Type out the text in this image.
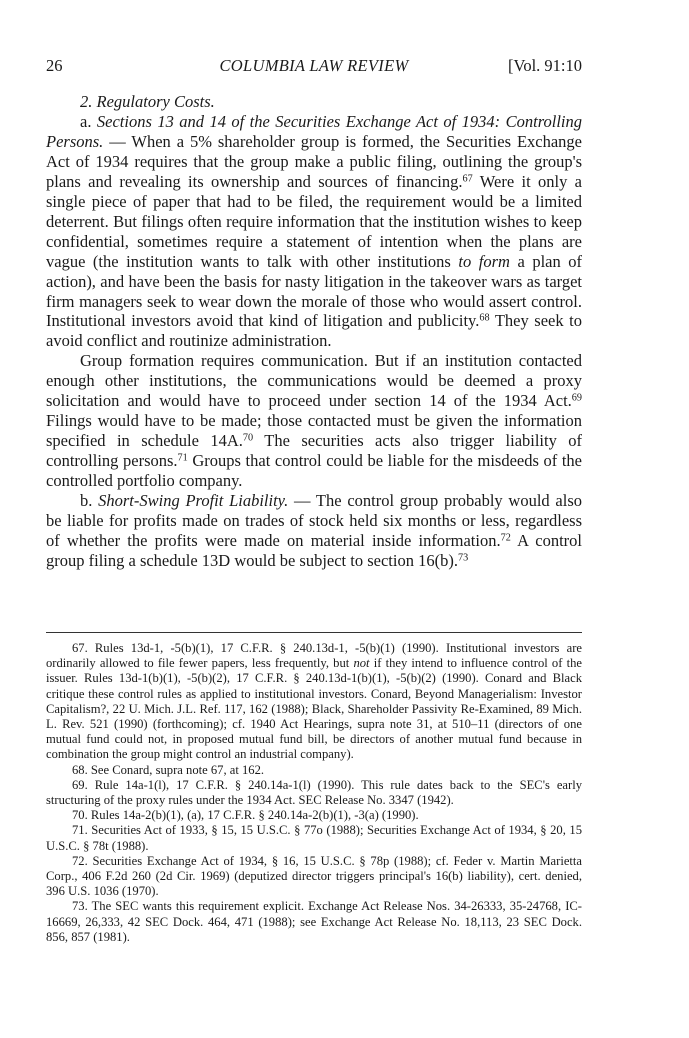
26	COLUMBIA LAW REVIEW	[Vol. 91:10

2. Regulatory Costs.

a. Sections 13 and 14 of the Securities Exchange Act of 1934: Controlling Persons. — When a 5% shareholder group is formed, the Securities Exchange Act of 1934 requires that the group make a public filing, outlining the group's plans and revealing its ownership and sources of financing.$^{67}$ Were it only a single piece of paper that had to be filed, the requirement would be a limited deterrent. But filings often require information that the institution wishes to keep confidential, sometimes require a statement of intention when the plans are vague (the institution wants to talk with other institutions to form a plan of action), and have been the basis for nasty litigation in the takeover wars as target firm managers seek to wear down the morale of those who would assert control. Institutional investors avoid that kind of litigation and publicity.$^{68}$ They seek to avoid conflict and routinize administration.

Group formation requires communication. But if an institution contacted enough other institutions, the communications would be deemed a proxy solicitation and would have to proceed under section 14 of the 1934 Act.$^{69}$ Filings would have to be made; those contacted must be given the information specified in schedule 14A.$^{70}$ The securities acts also trigger liability of controlling persons.$^{71}$ Groups that control could be liable for the misdeeds of the controlled portfolio company.

b. Short-Swing Profit Liability. — The control group probably would also be liable for profits made on trades of stock held six months or less, regardless of whether the profits were made on material inside information.$^{72}$ A control group filing a schedule 13D would be subject to section 16(b).$^{73}$

67. Rules 13d-1, -5(b)(1), 17 C.F.R. § 240.13d-1, -5(b)(1) (1990). Institutional investors are ordinarily allowed to file fewer papers, less frequently, but not if they intend to influence control of the issuer. Rules 13d-1(b)(1), -5(b)(2), 17 C.F.R. § 240.13d-1(b)(1), -5(b)(2) (1990). Conard and Black critique these control rules as applied to institutional investors. Conard, Beyond Managerialism: Investor Capitalism?, 22 U. Mich. J.L. Ref. 117, 162 (1988); Black, Shareholder Passivity Re-Examined, 89 Mich. L. Rev. 521 (1990) (forthcoming); cf. 1940 Act Hearings, supra note 31, at 510–11 (directors of one mutual fund could not, in proposed mutual fund bill, be directors of another mutual fund because in combination the group might control an industrial company).

68. See Conard, supra note 67, at 162.

69. Rule 14a-1(l), 17 C.F.R. § 240.14a-1(l) (1990). This rule dates back to the SEC's early structuring of the proxy rules under the 1934 Act. SEC Release No. 3347 (1942).

70. Rules 14a-2(b)(1), (a), 17 C.F.R. § 240.14a-2(b)(1), -3(a) (1990).

71. Securities Act of 1933, § 15, 15 U.S.C. § 77o (1988); Securities Exchange Act of 1934, § 20, 15 U.S.C. § 78t (1988).

72. Securities Exchange Act of 1934, § 16, 15 U.S.C. § 78p (1988); cf. Feder v. Martin Marietta Corp., 406 F.2d 260 (2d Cir. 1969) (deputized director triggers principal's 16(b) liability), cert. denied, 396 U.S. 1036 (1970).

73. The SEC wants this requirement explicit. Exchange Act Release Nos. 34-26333, 35-24768, IC-16669, 26,333, 42 SEC Dock. 464, 471 (1988); see Exchange Act Release No. 18,113, 23 SEC Dock. 856, 857 (1981).
